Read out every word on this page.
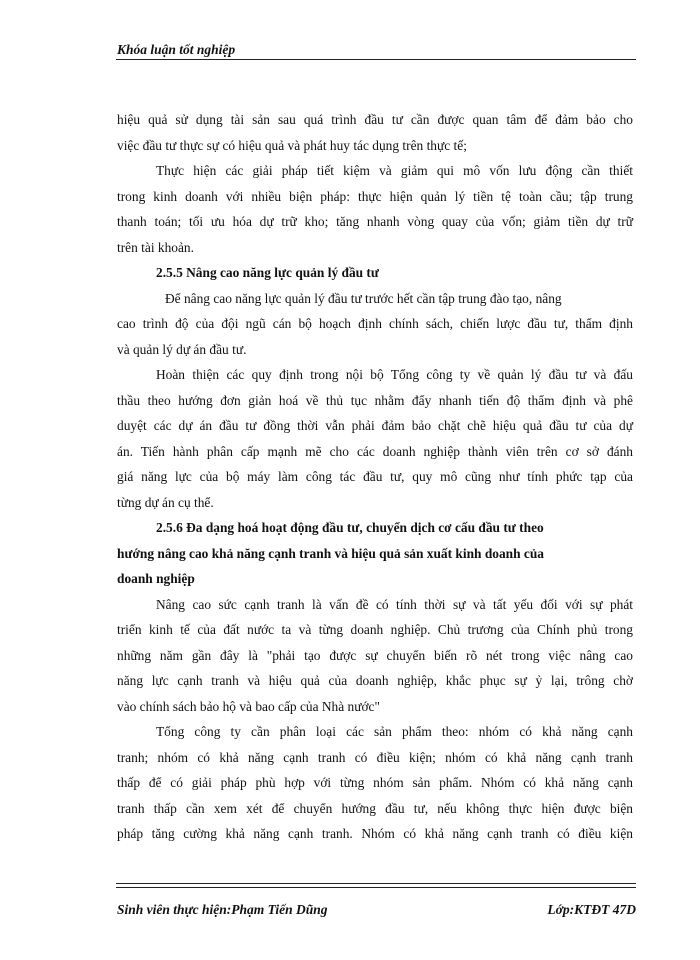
Khóa luận tốt nghiệp
hiệu quả sử dụng tài sản sau quá trình đầu tư cần được quan tâm để đảm bảo cho
việc đầu tư thực sự có hiệu quả và phát huy tác dụng trên thực tế;
Thực hiện các giải pháp tiết kiệm và giảm qui mô vốn lưu động cần thiết
trong kinh doanh với nhiều biện pháp: thực hiện quản lý tiền tệ toàn cầu; tập trung
thanh toán; tối ưu hóa dự trữ kho; tăng nhanh vòng quay của vốn; giảm tiền dự trữ
trên tài khoản.
2.5.5 Nâng cao năng lực quản lý đầu tư
Để nâng cao năng lực quản lý đầu tư trước hết cần tập trung đào tạo, nâng
cao trình độ của đội ngũ cán bộ hoạch định chính sách, chiến lược đầu tư, thẩm định
và quản lý dự án đầu tư.
Hoàn thiện các quy định trong nội bộ Tổng công ty về quản lý đầu tư và đấu
thầu theo hướng đơn giản hoá về thủ tục nhằm đẩy nhanh tiến độ thẩm định và phê
duyệt các dự án đầu tư đồng thời vẫn phải đảm bảo chặt chẽ hiệu quả đầu tư của dự
án. Tiến hành phân cấp mạnh mẽ cho các doanh nghiệp thành viên trên cơ sở đánh
giá năng lực của bộ máy làm công tác đầu tư, quy mô cũng như tính phức tạp của
từng dự án cụ thể.
2.5.6 Đa dạng hoá hoạt động đầu tư, chuyển dịch cơ cấu đầu tư theo
hướng nâng cao khả năng cạnh tranh và hiệu quả sản xuất kinh doanh của
doanh nghiệp
Nâng cao sức cạnh tranh là vấn đề có tính thời sự và tất yếu đối với sự phát
triển kinh tế của đất nước ta và từng doanh nghiệp. Chủ trương của Chính phủ trong
những năm gần đây là "phải tạo được sự chuyển biến rõ nét trong việc nâng cao
năng lực cạnh tranh và hiệu quả của doanh nghiệp, khắc phục sự ỷ lại, trông chờ
vào chính sách bảo hộ và bao cấp của Nhà nước"
Tổng công ty cần phân loại các sản phẩm theo: nhóm có khả năng cạnh
tranh; nhóm có khả năng cạnh tranh có điều kiện; nhóm có khả năng cạnh tranh
thấp để có giải pháp phù hợp với từng nhóm sản phẩm. Nhóm có khả năng cạnh
tranh thấp cần xem xét để chuyển hướng đầu tư, nếu không thực hiện được biện
pháp tăng cường khả năng cạnh tranh. Nhóm có khả năng cạnh tranh có điều kiện
Sinh viên thực hiện:Phạm Tiến Dũng	Lớp:KTĐT 47D
